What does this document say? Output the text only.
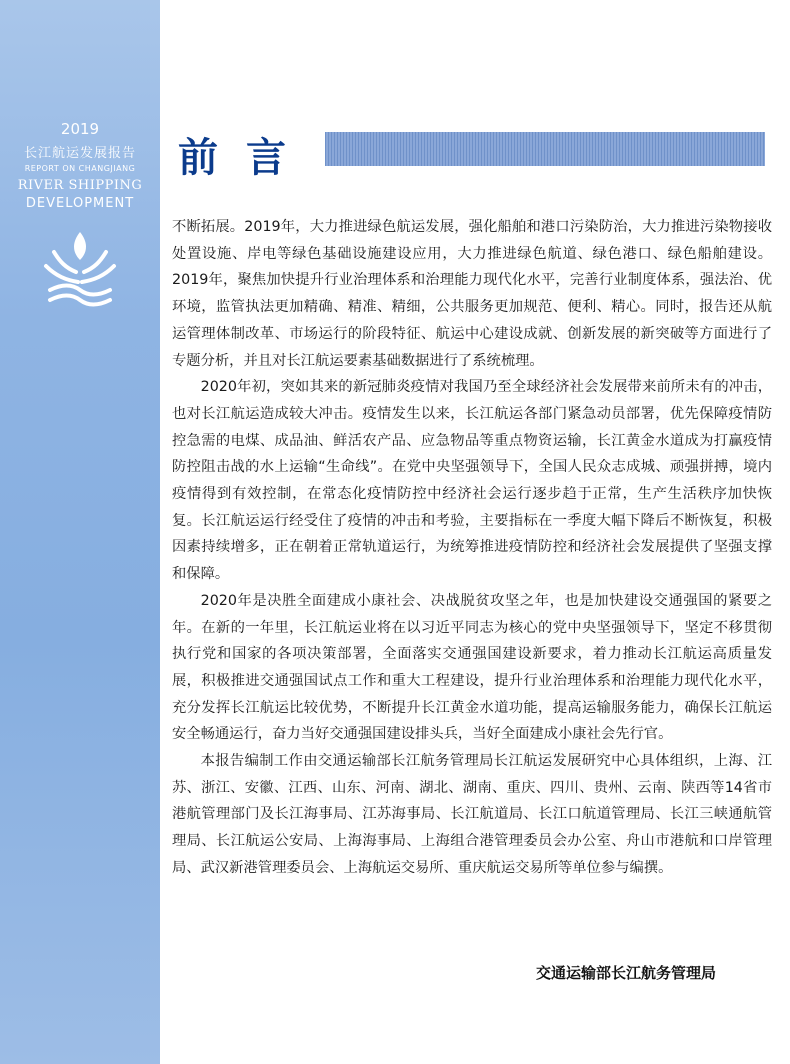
2019
长江航运发展报告
REPORT ON CHANGJIANG
RIVER SHIPPING
DEVELOPMENT
前言

不断拓展。2019年，大力推进绿色航运发展，强化船舶和港口污染防治，大力推进污染物接收处置设施、岸电等绿色基础设施建设应用，大力推进绿色航道、绿色港口、绿色船舶建设。2019年，聚焦加快提升行业治理体系和治理能力现代化水平，完善行业制度体系，强法治、优环境，监管执法更加精确、精准、精细，公共服务更加规范、便利、精心。同时，报告还从航运管理体制改革、市场运行的阶段特征、航运中心建设成就、创新发展的新突破等方面进行了专题分析，并且对长江航运要素基础数据进行了系统梳理。

2020年初，突如其来的新冠肺炎疫情对我国乃至全球经济社会发展带来前所未有的冲击，也对长江航运造成较大冲击。疫情发生以来，长江航运各部门紧急动员部署，优先保障疫情防控急需的电煤、成品油、鲜活农产品、应急物品等重点物资运输，长江黄金水道成为打赢疫情防控阻击战的水上运输“生命线”。在党中央坚强领导下，全国人民众志成城、顽强拼搏，境内疫情得到有效控制，在常态化疫情防控中经济社会运行逐步趋于正常，生产生活秩序加快恢复。长江航运运行经受住了疫情的冲击和考验，主要指标在一季度大幅下降后不断恢复，积极因素持续增多，正在朝着正常轨道运行，为统筹推进疫情防控和经济社会发展提供了坚强支撑和保障。

2020年是决胜全面建成小康社会、决战脱贫攻坚之年，也是加快建设交通强国的紧要之年。在新的一年里，长江航运业将在以习近平同志为核心的党中央坚强领导下，坚定不移贯彻执行党和国家的各项决策部署，全面落实交通强国建设新要求，着力推动长江航运高质量发展，积极推进交通强国试点工作和重大工程建设，提升行业治理体系和治理能力现代化水平，充分发挥长江航运比较优势，不断提升长江黄金水道功能，提高运输服务能力，确保长江航运安全畅通运行，奋力当好交通强国建设排头兵，当好全面建成小康社会先行官。

本报告编制工作由交通运输部长江航务管理局长江航运发展研究中心具体组织，上海、江苏、浙江、安徽、江西、山东、河南、湖北、湖南、重庆、四川、贵州、云南、陕西等14省市港航管理部门及长江海事局、江苏海事局、长江航道局、长江口航道管理局、长江三峡通航管理局、长江航运公安局、上海海事局、上海组合港管理委员会办公室、舟山市港航和口岸管理局、武汉新港管理委员会、上海航运交易所、重庆航运交易所等单位参与编撰。

交通运输部长江航务管理局
